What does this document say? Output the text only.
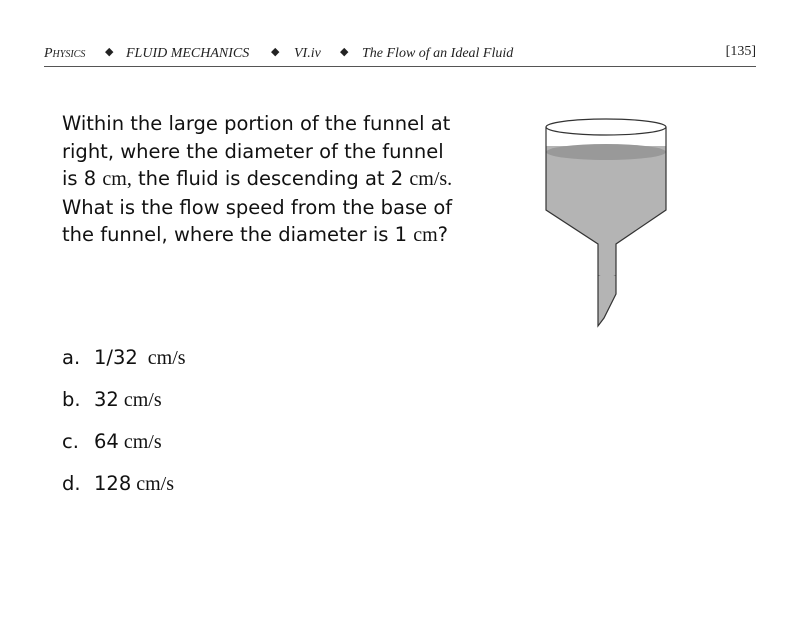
Physics ◆ FLUID MECHANICS ◆ VI.iv ◆ The Flow of an Ideal Fluid	[135]
Within the large portion of the funnel at
right, where the diameter of the funnel
is 8 cm, the fluid is descending at 2 cm/s.
What is the flow speed from the base of
the funnel, where the diameter is 1 cm?
a. 1/32  cm/s
b. 32 cm/s
c. 64 cm/s
d. 128 cm/s
